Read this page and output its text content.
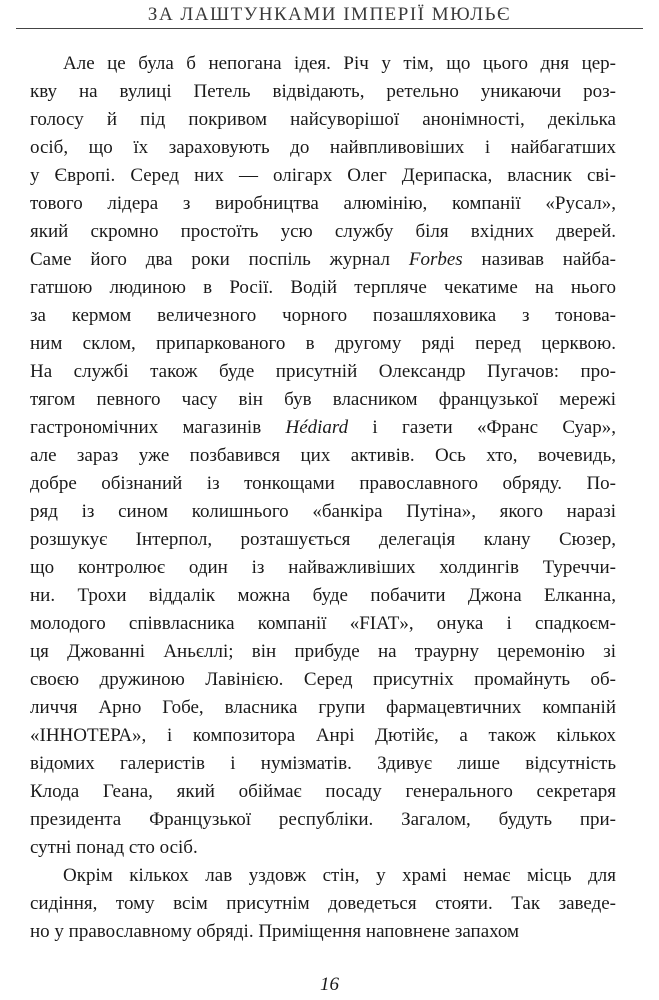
ЗА ЛАШТУНКАМИ ІМПЕРІЇ МЮЛЬЄ

Але це була б непогана ідея. Річ у тім, що цього дня цер-
кву на вулиці Петель відвідають, ретельно уникаючи роз-
голосу й під покривом найсуворішої анонімності, декілька
осіб, що їх зараховують до найвпливовіших і найбагатших
у Європі. Серед них — олігарх Олег Дерипаска, власник сві-
тового лідера з виробництва алюмінію, компанії «Русал»,
який скромно простоїть усю службу біля вхідних дверей.
Саме його два роки поспіль журнал Forbes називав найба-
гатшою людиною в Росії. Водій терпляче чекатиме на нього
за кермом величезного чорного позашляховика з тонова-
ним склом, припаркованого в другому ряді перед церквою.
На службі також буде присутній Олександр Пугачов: про-
тягом певного часу він був власником французької мережі
гастрономічних магазинів Hédiard і газети «Франс Суар»,
але зараз уже позбавився цих активів. Ось хто, вочевидь,
добре обізнаний із тонкощами православного обряду. По-
ряд із сином колишнього «банкіра Путіна», якого наразі
розшукує Інтерпол, розташується делегація клану Сюзер,
що контролює один із найважливіших холдингів Туреччи-
ни. Трохи віддалік можна буде побачити Джона Елканна,
молодого співвласника компанії «FIAT», онука і спадкоєм-
ця Джованні Аньєллі; він прибуде на траурну церемонію зі
своєю дружиною Лавінією. Серед присутніх промайнуть об-
личчя Арно Гобе, власника групи фармацевтичних компаній
«ІННОТЕРА», і композитора Анрі Дютійє, а також кількох
відомих галеристів і нумізматів. Здивує лише відсутність
Клода Геана, який обіймає посаду генерального секретаря
президента Французької республіки. Загалом, будуть при-
сутні понад сто осіб.

Окрім кількох лав уздовж стін, у храмі немає місць для
сидіння, тому всім присутнім доведеться стояти. Так заведе-
но у православному обряді. Приміщення наповнене запахом

16
